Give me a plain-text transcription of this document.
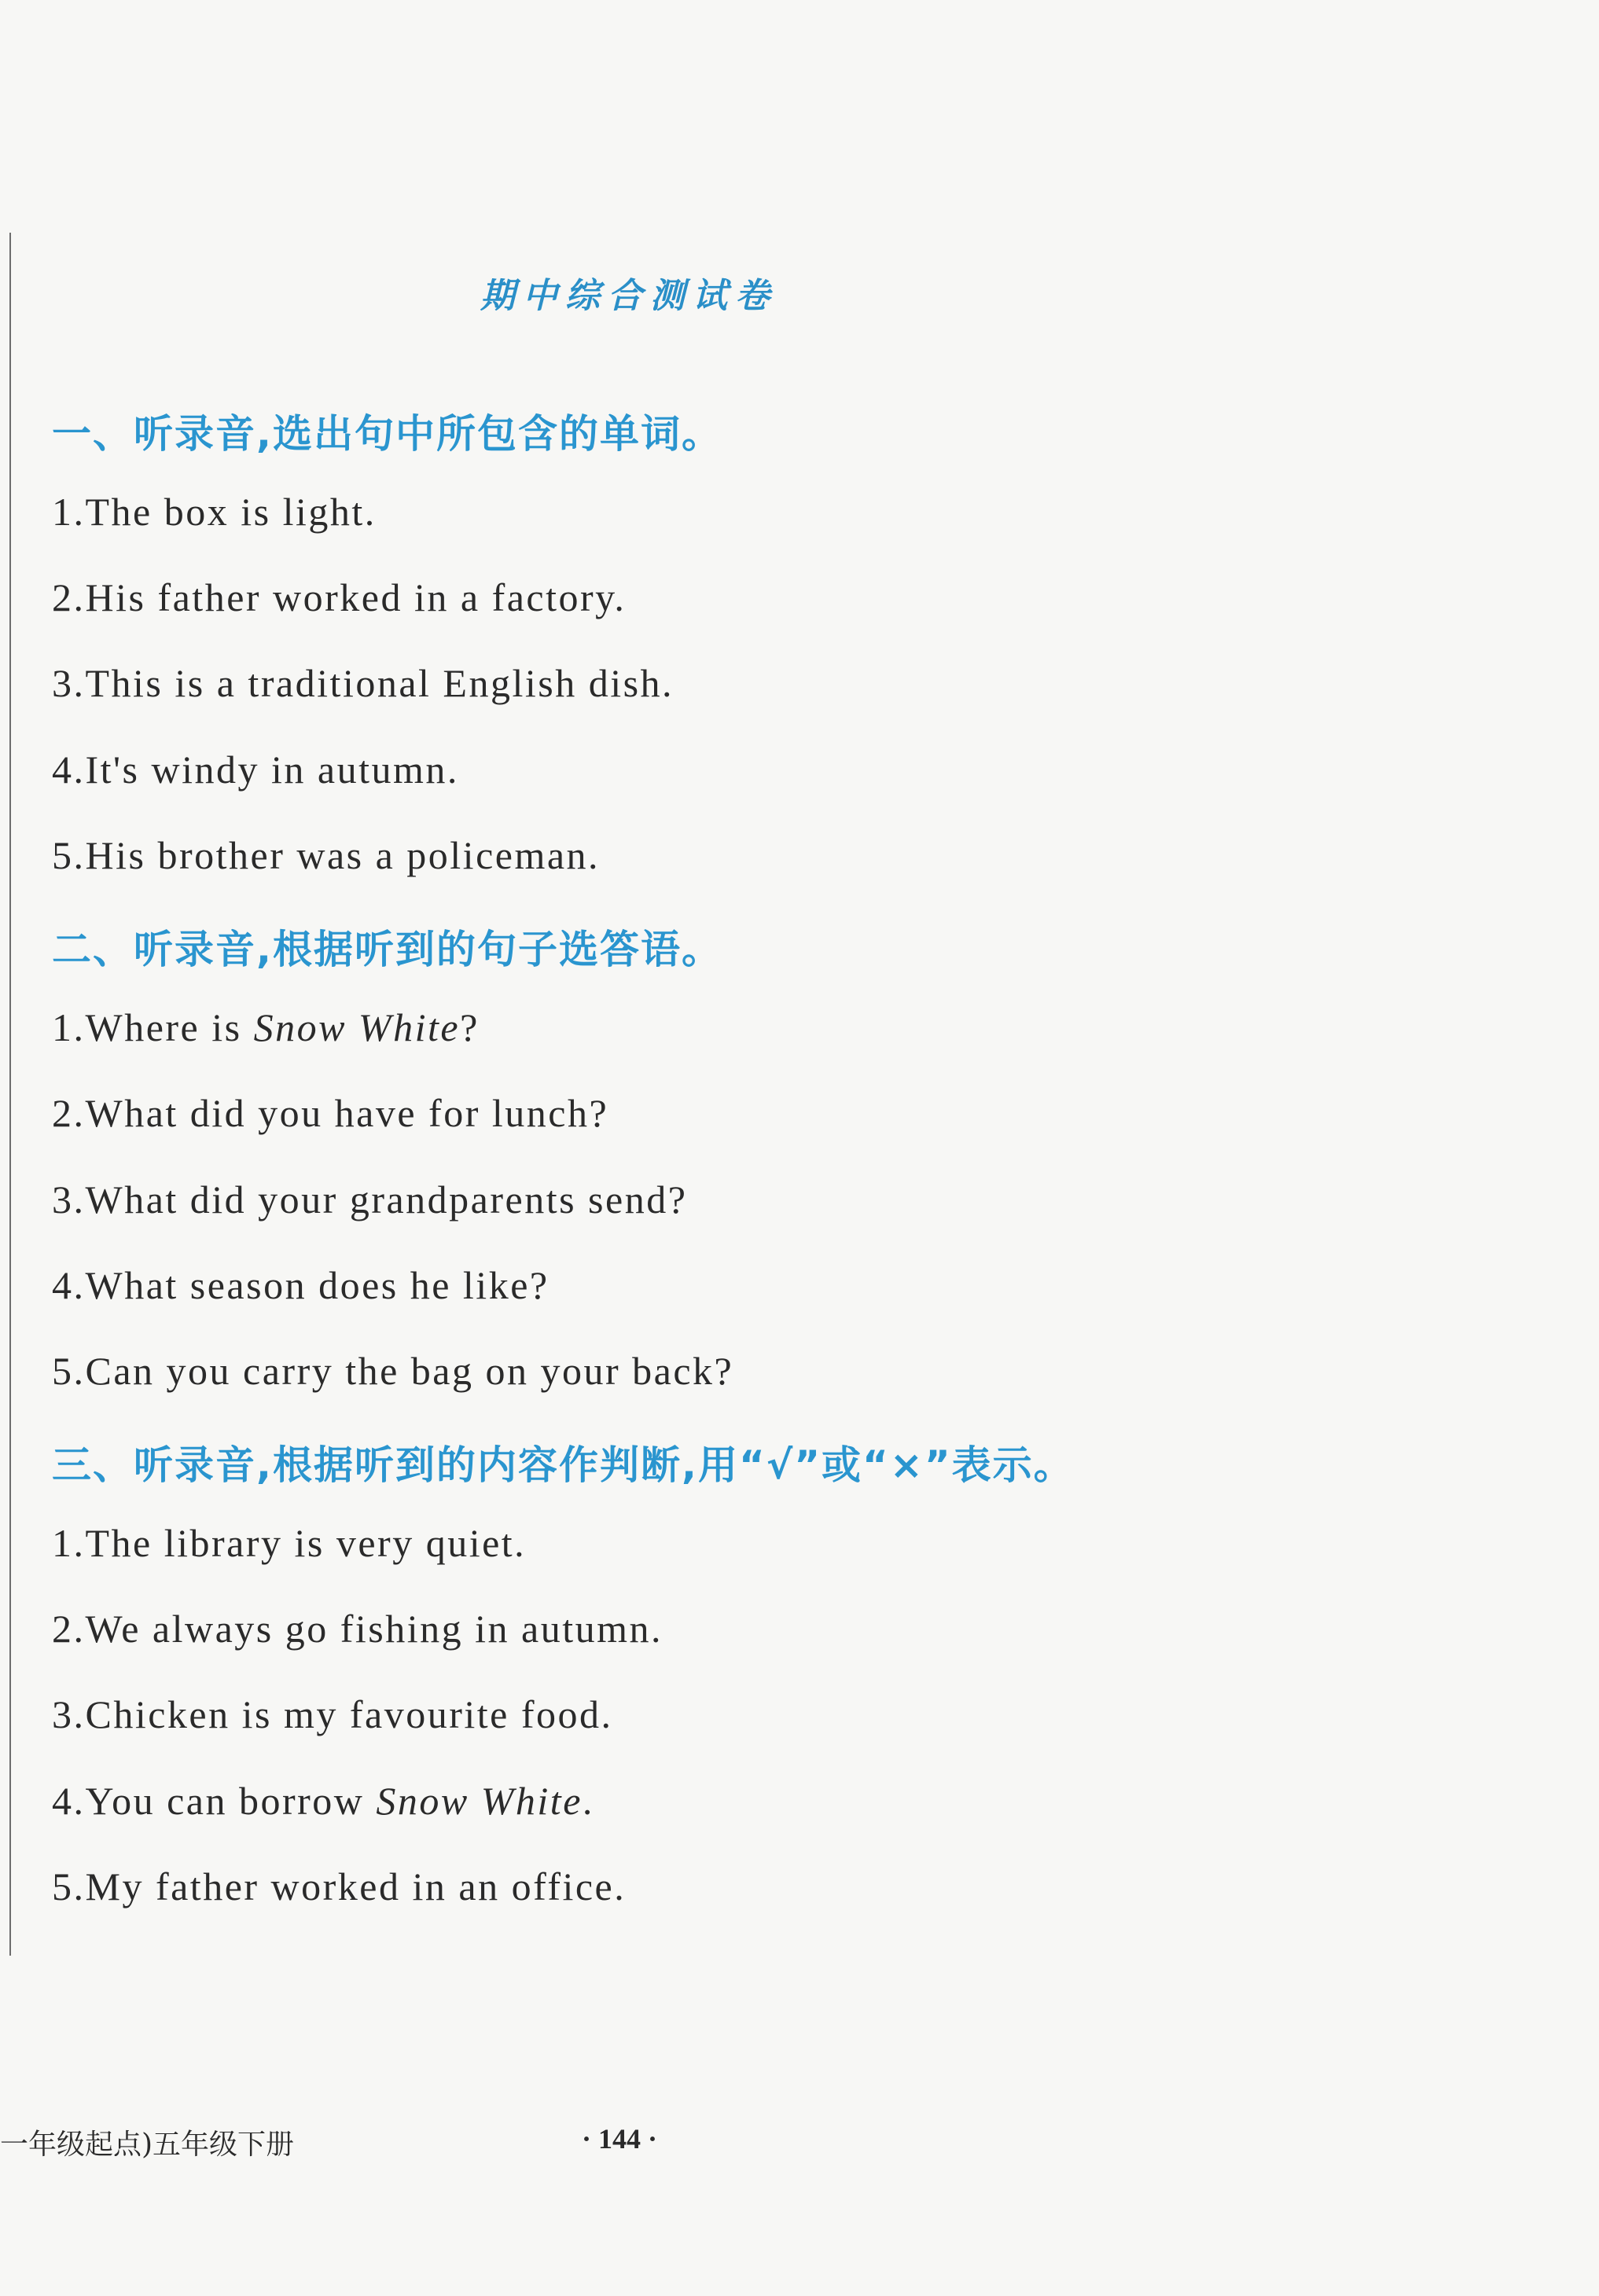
期中综合测试卷
一、听录音,选出句中所包含的单词。
1.The box is light.
2.His father worked in a factory.
3.This is a traditional English dish.
4.It's windy in autumn.
5.His brother was a policeman.
二、听录音,根据听到的句子选答语。
1.Where is Snow White?
2.What did you have for lunch?
3.What did your grandparents send?
4.What season does he like?
5.Can you carry the bag on your back?
三、听录音,根据听到的内容作判断,用“√”或“×”表示。
1.The library is very quiet.
2.We always go fishing in autumn.
3.Chicken is my favourite food.
4.You can borrow Snow White.
5.My father worked in an office.
一年级起点)五年级下册	· 144 ·
